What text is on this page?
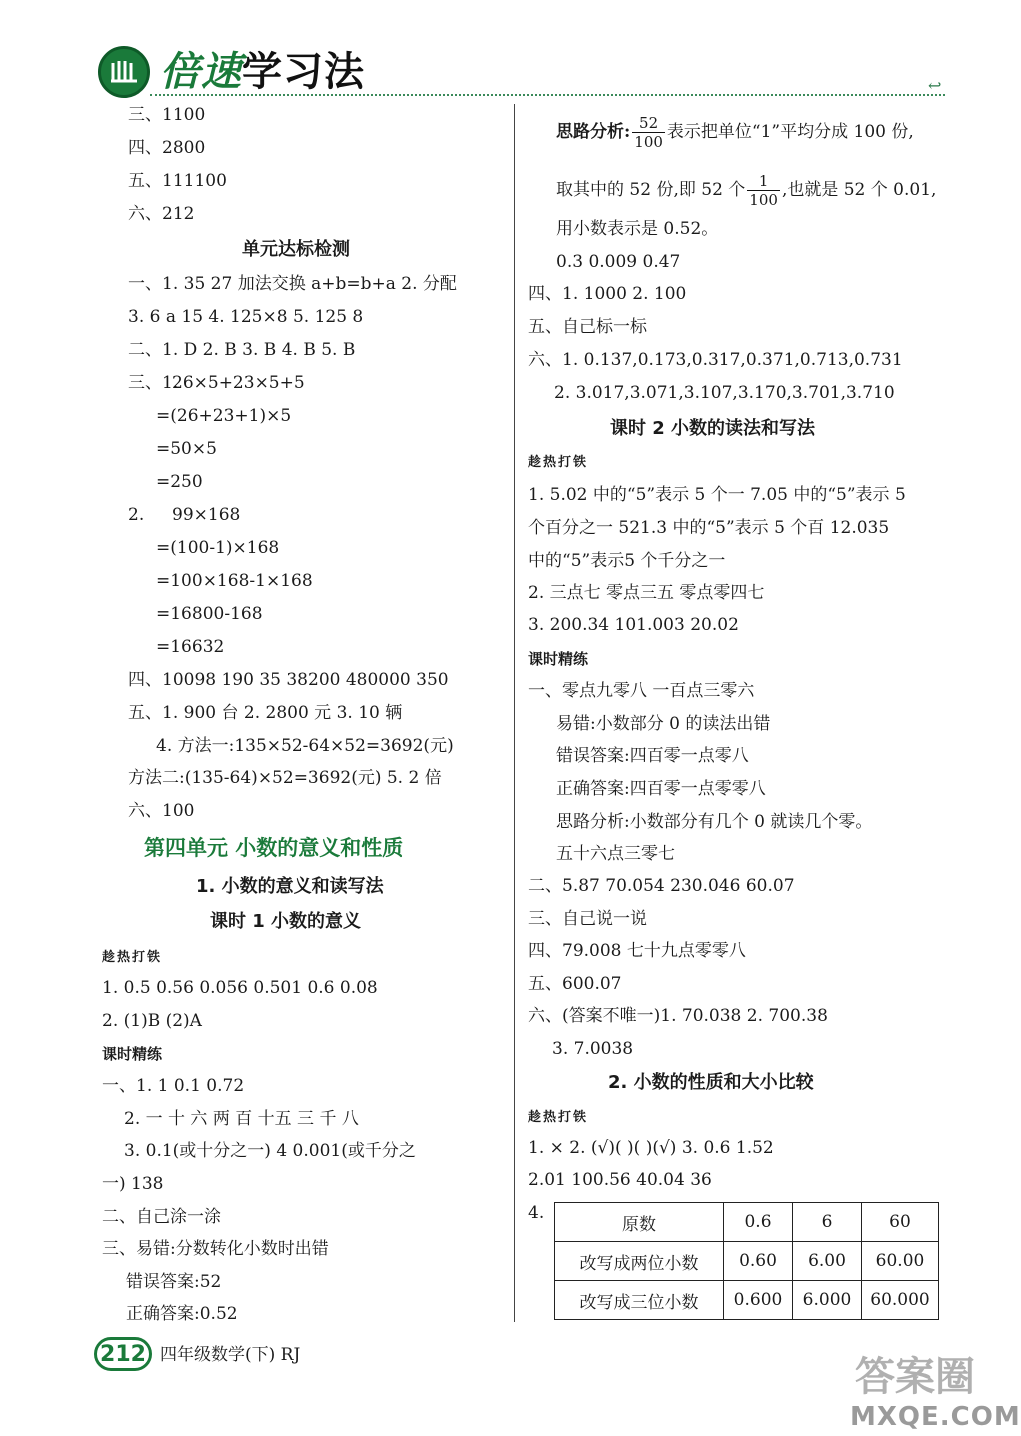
倍速学习法	↩
三、1100
四、2800
五、111100
六、212
单元达标检测
一、1. 35 27 加法交换 a+b=b+a 2. 分配
3. 6 a 15 4. 125×8 5. 125 8
二、1. D 2. B 3. B 4. B 5. B
三、1.
26×5+23×5+5
=(26+23+1)×5
=50×5
=250
2. 99×168
=(100-1)×168
=100×168-1×168
=16800-168
=16632
四、10098 190 35 38200 480000 350
五、1. 900 台 2. 2800 元 3. 10 辆
4. 方法一:135×52-64×52=3692(元)
方法二:(135-64)×52=3692(元) 5. 2 倍
六、100
第四单元 小数的意义和性质
1. 小数的意义和读写法
课时 1 小数的意义
趁热打铁
1. 0.5 0.56 0.056 0.501 0.6 0.08
2. (1)B (2)A
课时精练
一、1. 1 0.1 0.72
2. 一 十 六 两 百 十五 三 千 八
3. 0.1(或十分之一) 4 0.001(或千分之
一) 138
二、自己涂一涂
三、易错:分数转化小数时出错
错误答案:52
正确答案:0.52
思路分析: $\frac{52}{100}$ 表示把单位“1”平均分成 100 份,
取其中的 52 份,即 52 个 $\frac{1}{100}$ ,也就是 52 个 0.01,
用小数表示是 0.52。
0.3 0.009 0.47
四、1. 1000 2. 100
五、自己标一标
六、1. 0.137,0.173,0.317,0.371,0.713,0.731
2. 3.017,3.071,3.107,3.170,3.701,3.710
课时 2 小数的读法和写法
趁热打铁
1. 5.02 中的“5”表示 5 个一 7.05 中的“5”表示 5
个百分之一 521.3 中的“5”表示 5 个百 12.035
中的“5”表示5 个千分之一
2. 三点七 零点三五 零点零四七
3. 200.34 101.003 20.02
课时精练
一、零点九零八 一百点三零六
易错:小数部分 0 的读法出错
错误答案:四百零一点零八
正确答案:四百零一点零零八
思路分析:小数部分有几个 0 就读几个零。
五十六点三零七
二、5.87 70.054 230.046 60.07
三、自己说一说
四、79.008 七十九点零零八
五、600.07
六、(答案不唯一)1. 70.038 2. 700.38
3. 7.0038
2. 小数的性质和大小比较
趁热打铁
1. × 2. (√)( )( )(√) 3. 0.6 1.52
2.01 100.56 40.04 36
4.
原数	0.6	6	60
改写成两位小数	0.60	6.00	60.00
改写成三位小数	0.600	6.000	60.000
212 四年级数学(下) RJ	答案圈
MXQE.COM
